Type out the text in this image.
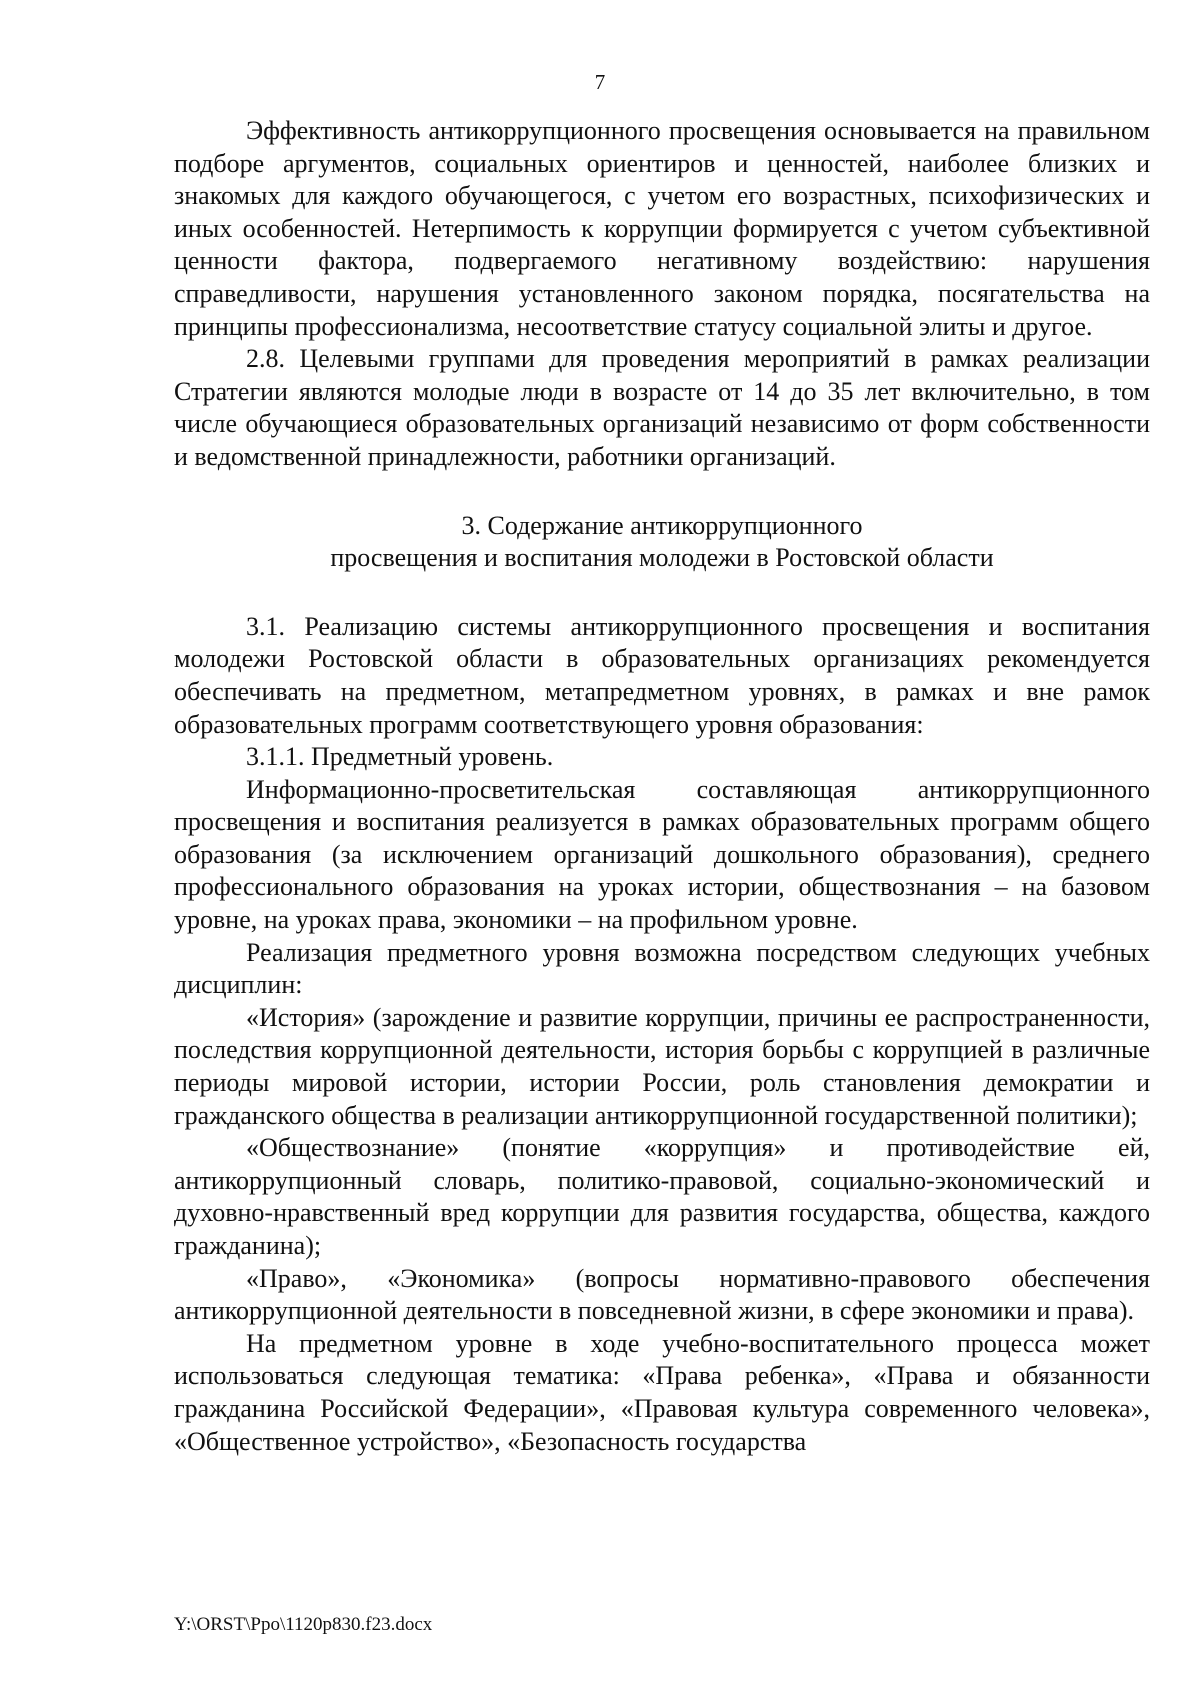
7

Эффективность антикоррупционного просвещения основывается на правильном подборе аргументов, социальных ориентиров и ценностей, наиболее близких и знакомых для каждого обучающегося, с учетом его возрастных, психофизических и иных особенностей. Нетерпимость к коррупции формируется с учетом субъективной ценности фактора, подвергаемого негативному воздействию: нарушения справедливости, нарушения установленного законом порядка, посягательства на принципы профессионализма, несоответствие статусу социальной элиты и другое.

2.8. Целевыми группами для проведения мероприятий в рамках реализации Стратегии являются молодые люди в возрасте от 14 до 35 лет включительно, в том числе обучающиеся образовательных организаций независимо от форм собственности и ведомственной принадлежности, работники организаций.

3. Содержание антикоррупционного

просвещения и воспитания молодежи в Ростовской области

3.1. Реализацию системы антикоррупционного просвещения и воспитания молодежи Ростовской области в образовательных организациях рекомендуется обеспечивать на предметном, метапредметном уровнях, в рамках и вне рамок образовательных программ соответствующего уровня образования:

3.1.1. Предметный уровень.

Информационно-просветительская составляющая антикоррупционного просвещения и воспитания реализуется в рамках образовательных программ общего образования (за исключением организаций дошкольного образования), среднего профессионального образования на уроках истории, обществознания – на базовом уровне, на уроках права, экономики – на профильном уровне.

Реализация предметного уровня возможна посредством следующих учебных дисциплин:

«История» (зарождение и развитие коррупции, причины ее распространенности, последствия коррупционной деятельности, история борьбы с коррупцией в различные периоды мировой истории, истории России, роль становления демократии и гражданского общества в реализации антикоррупционной государственной политики);

«Обществознание» (понятие «коррупция» и противодействие ей, антикоррупционный словарь, политико-правовой, социально-экономический и духовно-нравственный вред коррупции для развития государства, общества, каждого гражданина);

«Право», «Экономика» (вопросы нормативно-правового обеспечения антикоррупционной деятельности в повседневной жизни, в сфере экономики и права).

На предметном уровне в ходе учебно-воспитательного процесса может использоваться следующая тематика: «Права ребенка», «Права и обязанности гражданина Российской Федерации», «Правовая культура современного человека», «Общественное устройство», «Безопасность государства

Y:\ORST\Ppo\1120p830.f23.docx
